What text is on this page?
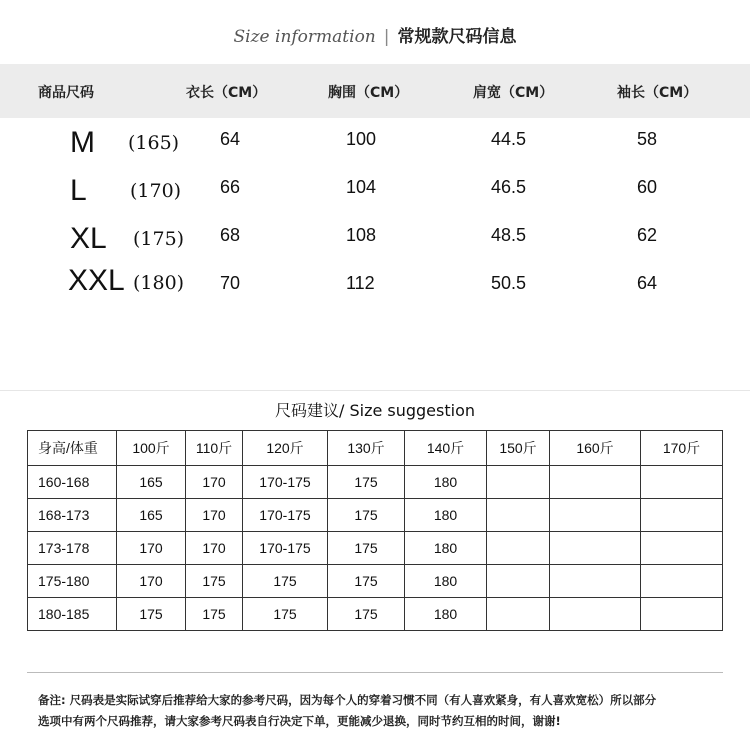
Size information | 常规款尺码信息
商品尺码	衣长（CM）	胸围（CM）	肩宽（CM）	袖长（CM）
M (165) 64	100	44.5	58
L (170) 66	104	46.5	60
XL (175) 68	108	48.5	62
XXL (180) 70	112	50.5	64
尺码建议/ Size suggestion
身高/体重	100斤	110斤	120斤	130斤	140斤	150斤	160斤	170斤
160-168	165	170	170-175	175	180			
168-173	165	170	170-175	175	180			
173-178	170	170	170-175	175	180			
175-180	170	175	175	175	180			
180-185	175	175	175	175	180			
备注: 尺码表是实际试穿后推荐给大家的参考尺码，因为每个人的穿着习惯不同（有人喜欢紧身，有人喜欢宽松）所以部分
选项中有两个尺码推荐，请大家参考尺码表自行决定下单，更能减少退换，同时节约互相的时间，谢谢!
